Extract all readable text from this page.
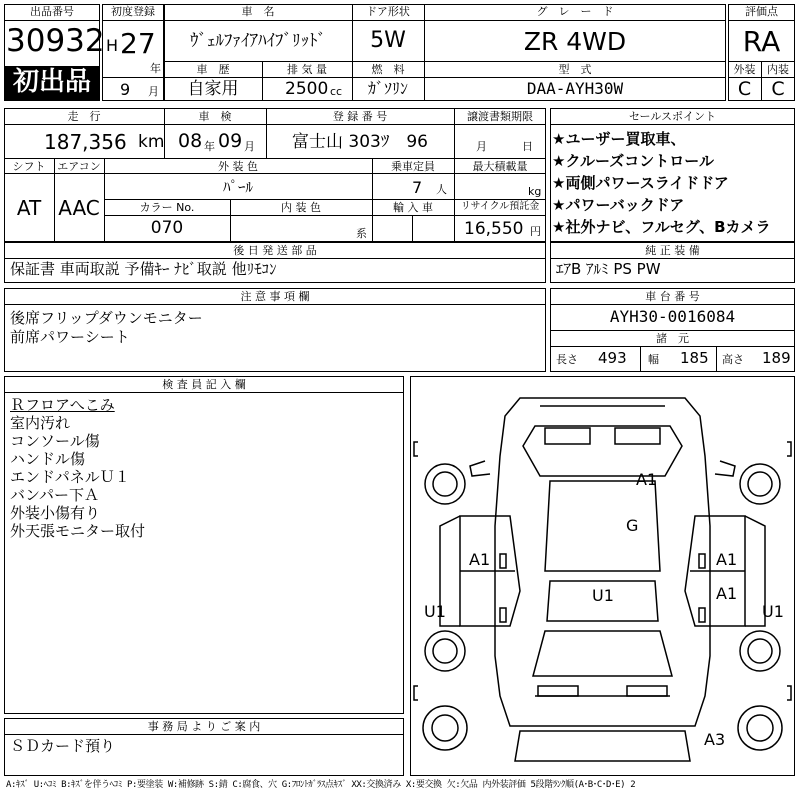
出品番号
30932
初出品
初度登録
H 27
年
9 月
車　名
ｳﾞｪﾙﾌｧｲｱﾊｲﾌﾞﾘｯﾄﾞ
ドア形状
5W
グ　レ　ー　ド
ZR 4WD
車　歴
自家用
排 気 量
2500 cc
燃　料
ｶﾞｿﾘﾝ
型　式
DAA-AYH30W
評価点
RA
外装	内装
C	C
走　行
187,356 km
車　検
08 年 09 月
登 録 番 号
富士山 303ﾂ　96
譲渡書類期限
月	日
シフト
AT
エアコン
AAC
外 装 色
ﾊﾟｰﾙ
乗車定員
7 人
最大積載量
kg
カラー No.
070
内 装 色
系
輸 入 車	リサイクル預託金
16,550 円
セールスポイント
★ユーザー買取車、
★クルーズコントロール
★両側パワースライドドア
★パワーバックドア
★社外ナビ、フルセグ、Bカメラ
後 日 発 送 部 品
保証書 車両取説 予備ｷｰ ﾅﾋﾞ取説 他ﾘﾓｺﾝ
純 正 装 備
ｴｱB ｱﾙﾐ PS PW
注 意 事 項 欄
後席フリップダウンモニター
前席パワーシート
車 台 番 号
AYH30-0016084
諸　元
長さ 493 幅 185 高さ 189
検 査 員 記 入 欄
Ｒフロアへこみ
室内汚れ
コンソール傷
ハンドル傷
エンドパネルＵ１
バンパー下Ａ
外装小傷有り
外天張モニター取付
事 務 局 よ り ご 案 内
ＳＤカード預り
A1
G
A1	A1
U1	A1
U1	U1
A3
A:ｷｽﾞ U:ﾍｺﾐ B:ｷｽﾞを伴うﾍｺﾐ P:要塗装 W:補修跡 S:錆 C:腐食、穴 G:ﾌﾛﾝﾄｶﾞﾗｽ点ｷｽﾞ XX:交換済み X:要交換 欠:欠品 内外装評価 5段階ﾗﾝｸ順(A･B･C･D･E) 2
